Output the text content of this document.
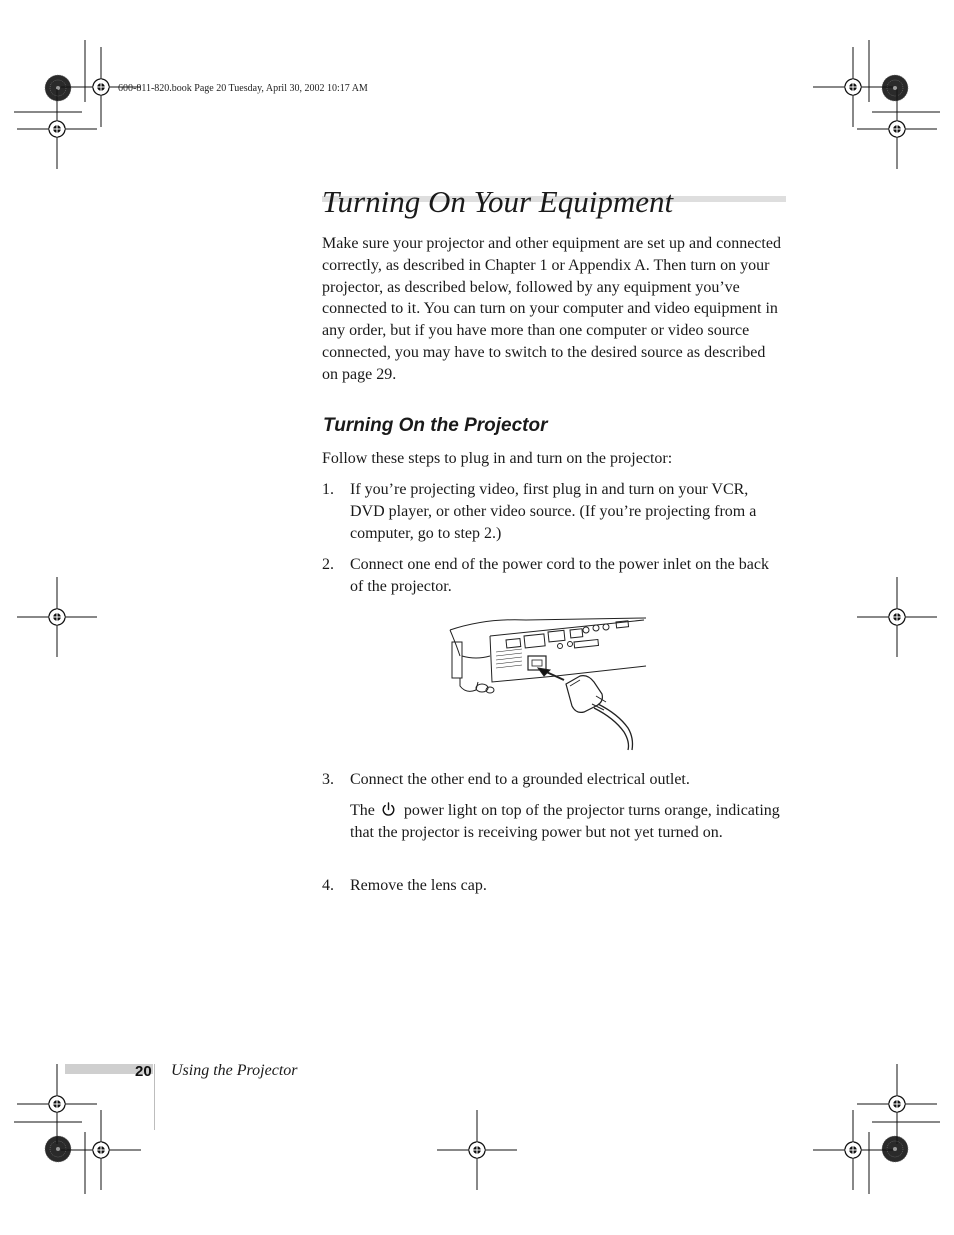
600-811-820.book Page 20 Tuesday, April 30, 2002 10:17 AM
Turning On Your Equipment

Make sure your projector and other equipment are set up and connected correctly, as described in Chapter 1 or Appendix A. Then turn on your projector, as described below, followed by any equipment you’ve connected to it. You can turn on your computer and video equipment in any order, but if you have more than one computer or video source connected, you may have to switch to the desired source as described on page 29.

Turning On the Projector

Follow these steps to plug in and turn on the projector:

1. If you’re projecting video, first plug in and turn on your VCR, DVD player, or other video source. (If you’re projecting from a computer, go to step 2.)
2. Connect one end of the power cord to the power inlet on the back of the projector.
3. Connect the other end to a grounded electrical outlet.

The power light on top of the projector turns orange, indicating that the projector is receiving power but not yet turned on.

4. Remove the lens cap.
20 Using the Projector
